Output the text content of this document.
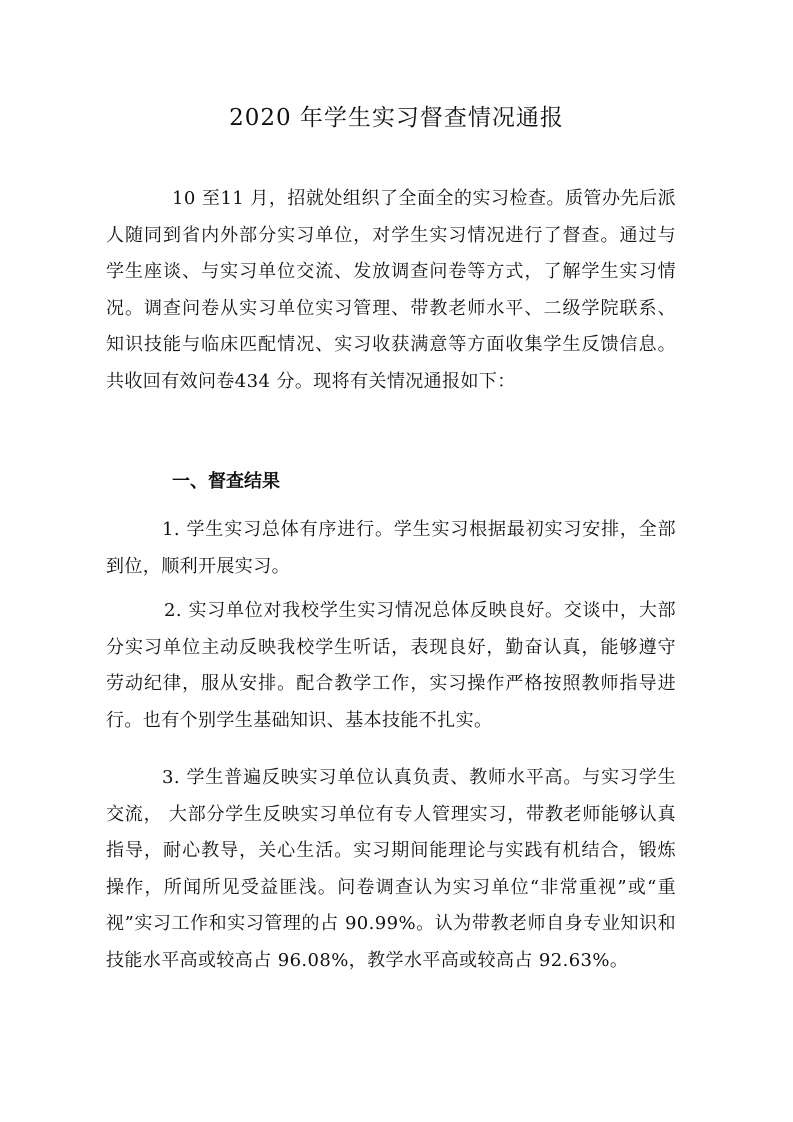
2020 年学生实习督查情况通报

10 至11 月，招就处组织了全面全的实习检查。质管办先后派人随同到省内外部分实习单位，对学生实习情况进行了督查。通过与学生座谈、与实习单位交流、发放调查问卷等方式，了解学生实习情况。调查问卷从实习单位实习管理、带教老师水平、二级学院联系、知识技能与临床匹配情况、实习收获满意等方面收集学生反馈信息。共收回有效问卷434 分。现将有关情况通报如下：

一、督查结果

1. 学生实习总体有序进行。学生实习根据最初实习安排，全部到位，顺利开展实习。

2. 实习单位对我校学生实习情况总体反映良好。交谈中，大部分实习单位主动反映我校学生听话，表现良好，勤奋认真，能够遵守劳动纪律，服从安排。配合教学工作，实习操作严格按照教师指导进行。也有个别学生基础知识、基本技能不扎实。

3. 学生普遍反映实习单位认真负责、教师水平高。与实习学生交流， 大部分学生反映实习单位有专人管理实习，带教老师能够认真指导，耐心教导，关心生活。实习期间能理论与实践有机结合，锻炼操作，所闻所见受益匪浅。问卷调查认为实习单位“非常重视”或“重视”实习工作和实习管理的占 90.99%。认为带教老师自身专业知识和技能水平高或较高占 96.08%，教学水平高或较高占 92.63%。
